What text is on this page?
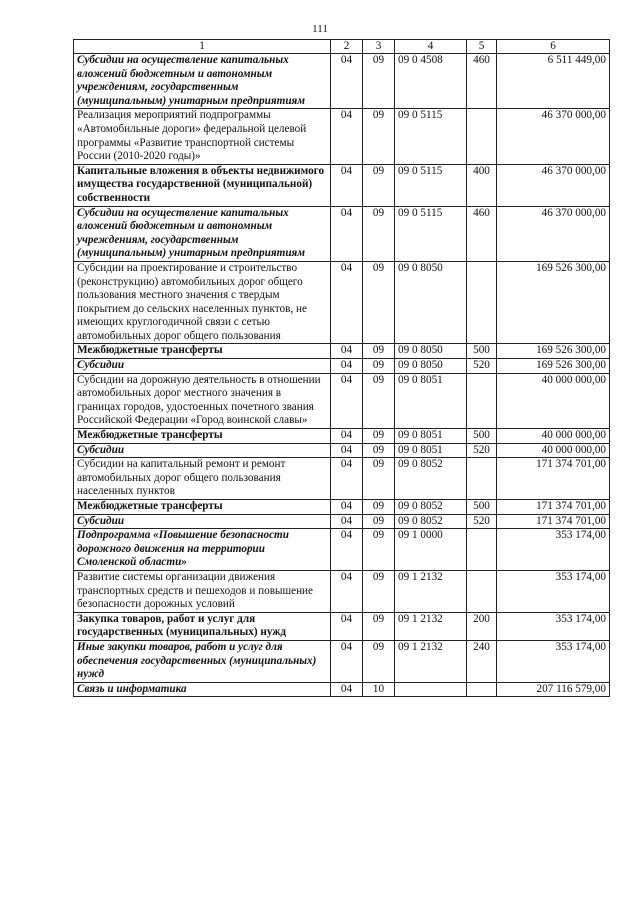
111
1	2	3	4	5	6
Субсидии на осуществление капитальных вложений бюджетным и автономным учреждениям, государственным (муниципальным) унитарным предприятиям	04	09	09 0 4508	460	6 511 449,00
Реализация мероприятий подпрограммы «Автомобильные дороги» федеральной целевой программы «Развитие транспортной системы России (2010-2020 годы)»	04	09	09 0 5115		46 370 000,00
Капитальные вложения в объекты недвижимого имущества государственной (муниципальной) собственности	04	09	09 0 5115	400	46 370 000,00
Субсидии на осуществление капитальных вложений бюджетным и автономным учреждениям, государственным (муниципальным) унитарным предприятиям	04	09	09 0 5115	460	46 370 000,00
Субсидии на проектирование и строительство (реконструкцию) автомобильных дорог общего пользования местного значения с твердым покрытием до сельских населенных пунктов, не имеющих круглогодичной связи с сетью автомобильных дорог общего пользования	04	09	09 0 8050		169 526 300,00
Межбюджетные трансферты	04	09	09 0 8050	500	169 526 300,00
Субсидии	04	09	09 0 8050	520	169 526 300,00
Субсидии на дорожную деятельность в отношении автомобильных дорог местного значения в границах городов, удостоенных почетного звания Российской Федерации «Город воинской славы»	04	09	09 0 8051		40 000 000,00
Межбюджетные трансферты	04	09	09 0 8051	500	40 000 000,00
Субсидии	04	09	09 0 8051	520	40 000 000,00
Субсидии на капитальный ремонт и ремонт автомобильных дорог общего пользования населенных пунктов	04	09	09 0 8052		171 374 701,00
Межбюджетные трансферты	04	09	09 0 8052	500	171 374 701,00
Субсидии	04	09	09 0 8052	520	171 374 701,00
Подпрограмма «Повышение безопасности дорожного движения на территории Смоленской области»	04	09	09 1 0000		353 174,00
Развитие системы организации движения транспортных средств и пешеходов и повышение безопасности дорожных условий	04	09	09 1 2132		353 174,00
Закупка товаров, работ и услуг для государственных (муниципальных) нужд	04	09	09 1 2132	200	353 174,00
Иные закупки товаров, работ и услуг для обеспечения государственных (муниципальных) нужд	04	09	09 1 2132	240	353 174,00
Связь и информатика	04	10			207 116 579,00
